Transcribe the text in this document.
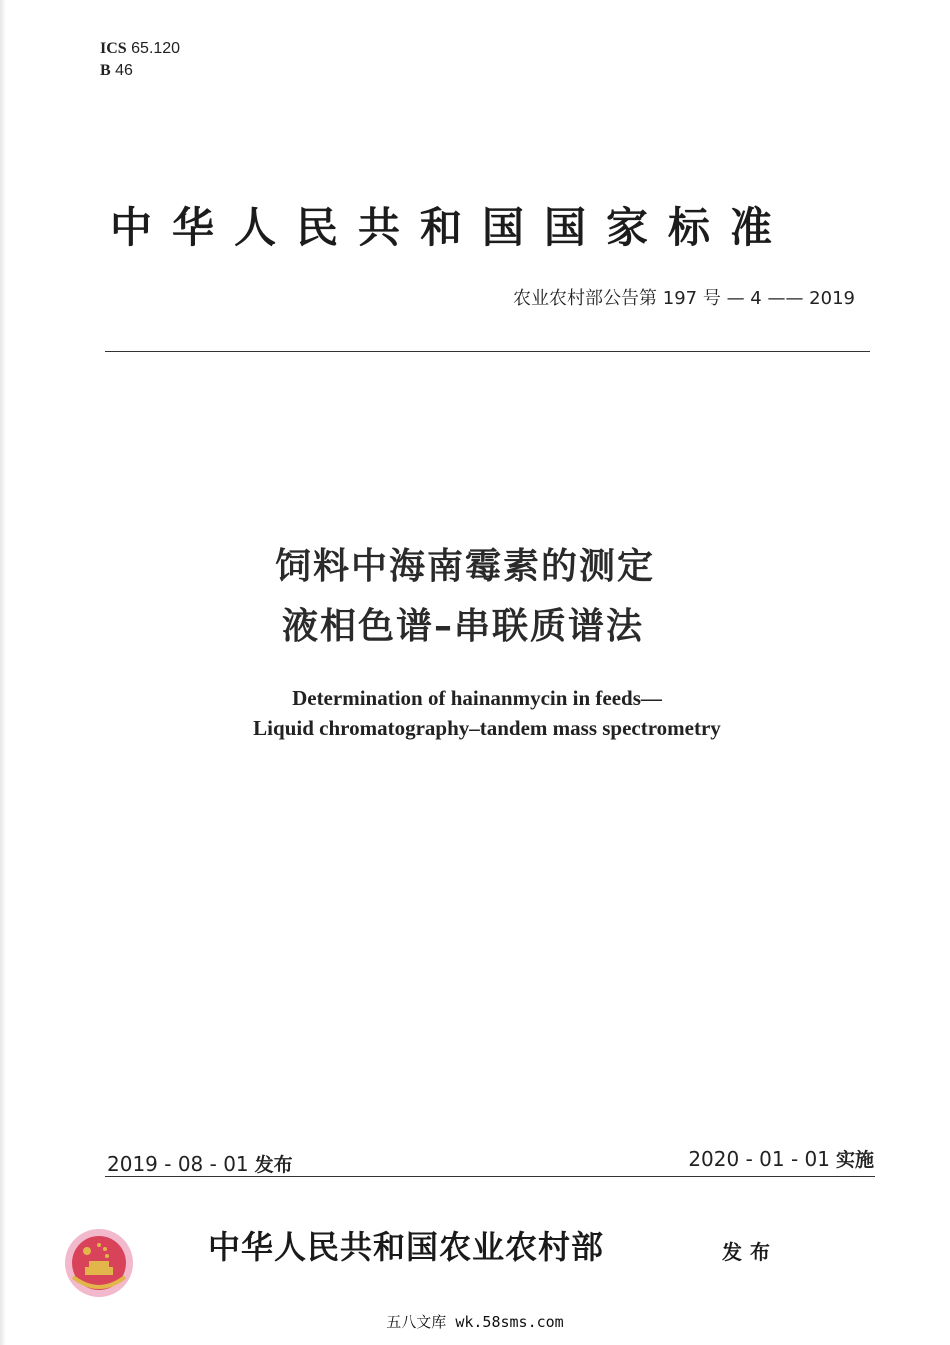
ICS 65.120
B 46
中华人民共和国国家标准
农业农村部公告第 197 号 — 4 —— 2019
饲料中海南霉素的测定
液相色谱–串联质谱法
Determination of hainanmycin in feeds—
Liquid chromatography–tandem mass spectrometry
2019 - 08 - 01 发布	2020 - 01 - 01 实施
中华人民共和国农业农村部	发布
五八文库 wk.58sms.com
